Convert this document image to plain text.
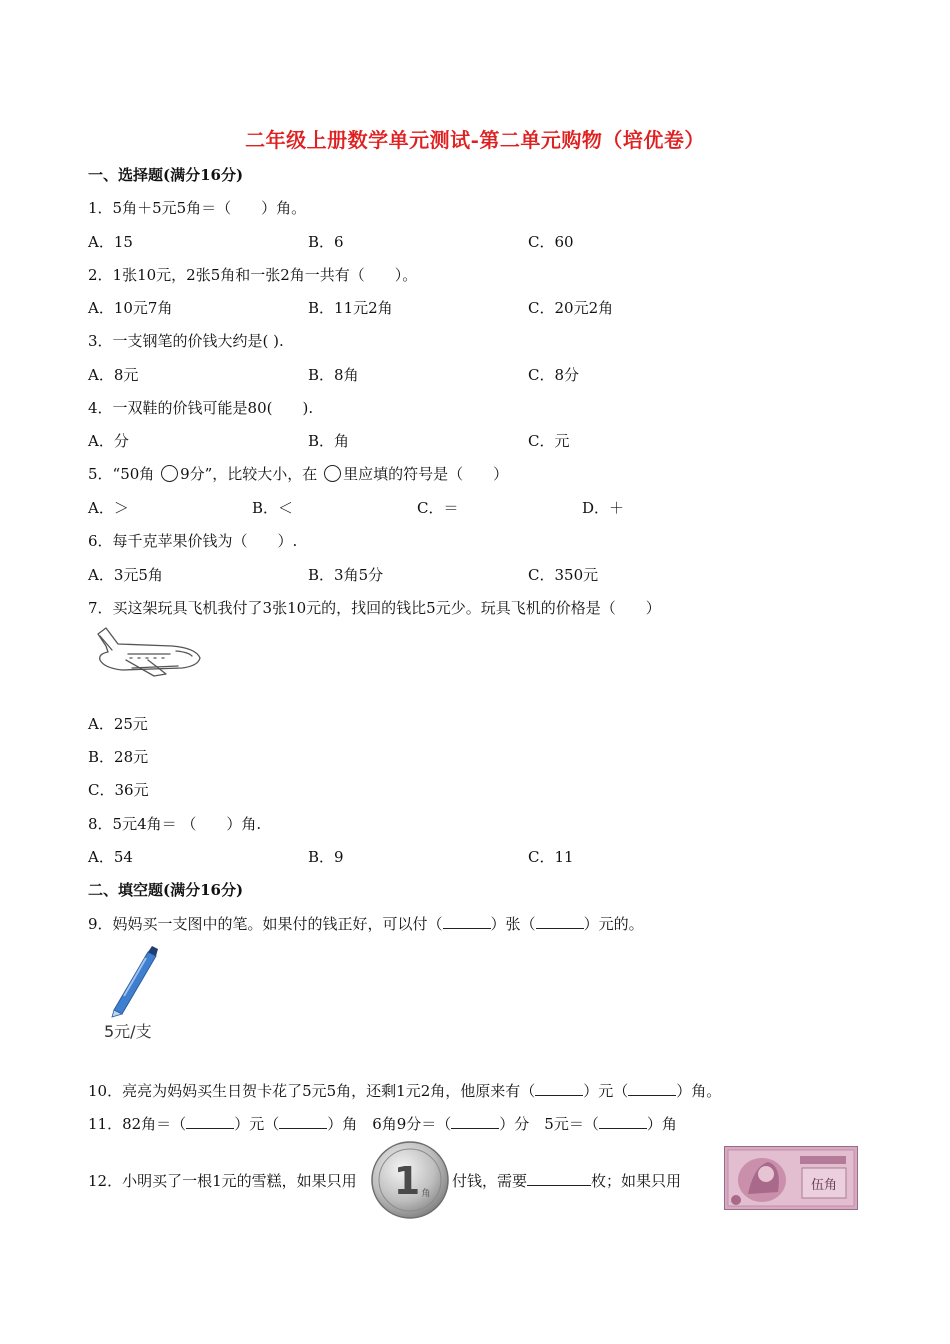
二年级上册数学单元测试-第二单元购物（培优卷）
一、选择题(满分16分)
1．5角＋5元5角＝（　　）角。
A．15	B．6	C．60
2．1张10元，2张5角和一张2角一共有（　　）。
A．10元7角	B．11元2角	C．20元2角
3．一支钢笔的价钱大约是( ).
A．8元	B．8角	C．8分
4．一双鞋的价钱可能是80(　　).
A．分	B．角	C．元
5．“50角 9分”，比较大小，在 里应填的符号是（　　）
A．＞	B．＜	C．＝	D．＋
6．每千克苹果价钱为（　　）.
A．3元5角	B．3角5分	C．350元
7．买这架玩具飞机我付了3张10元的，找回的钱比5元少。玩具飞机的价格是（　　）
A．25元
B．28元
C．36元
8．5元4角＝ （　　）角.
A．54	B．9	C．11
二、填空题(满分16分)
9．妈妈买一支图中的笔。如果付的钱正好，可以付（	）张（	）元的。
5元/支
10．亮亮为妈妈买生日贺卡花了5元5角，还剩1元2角，他原来有（	）元（	）角。
11．82角＝（	）元（	）角　6角9分＝（	）分　5元＝（	）角
12．小明买了一根1元的雪糕，如果只用 1 角
付钱，需要	枚；如果只用	伍角
